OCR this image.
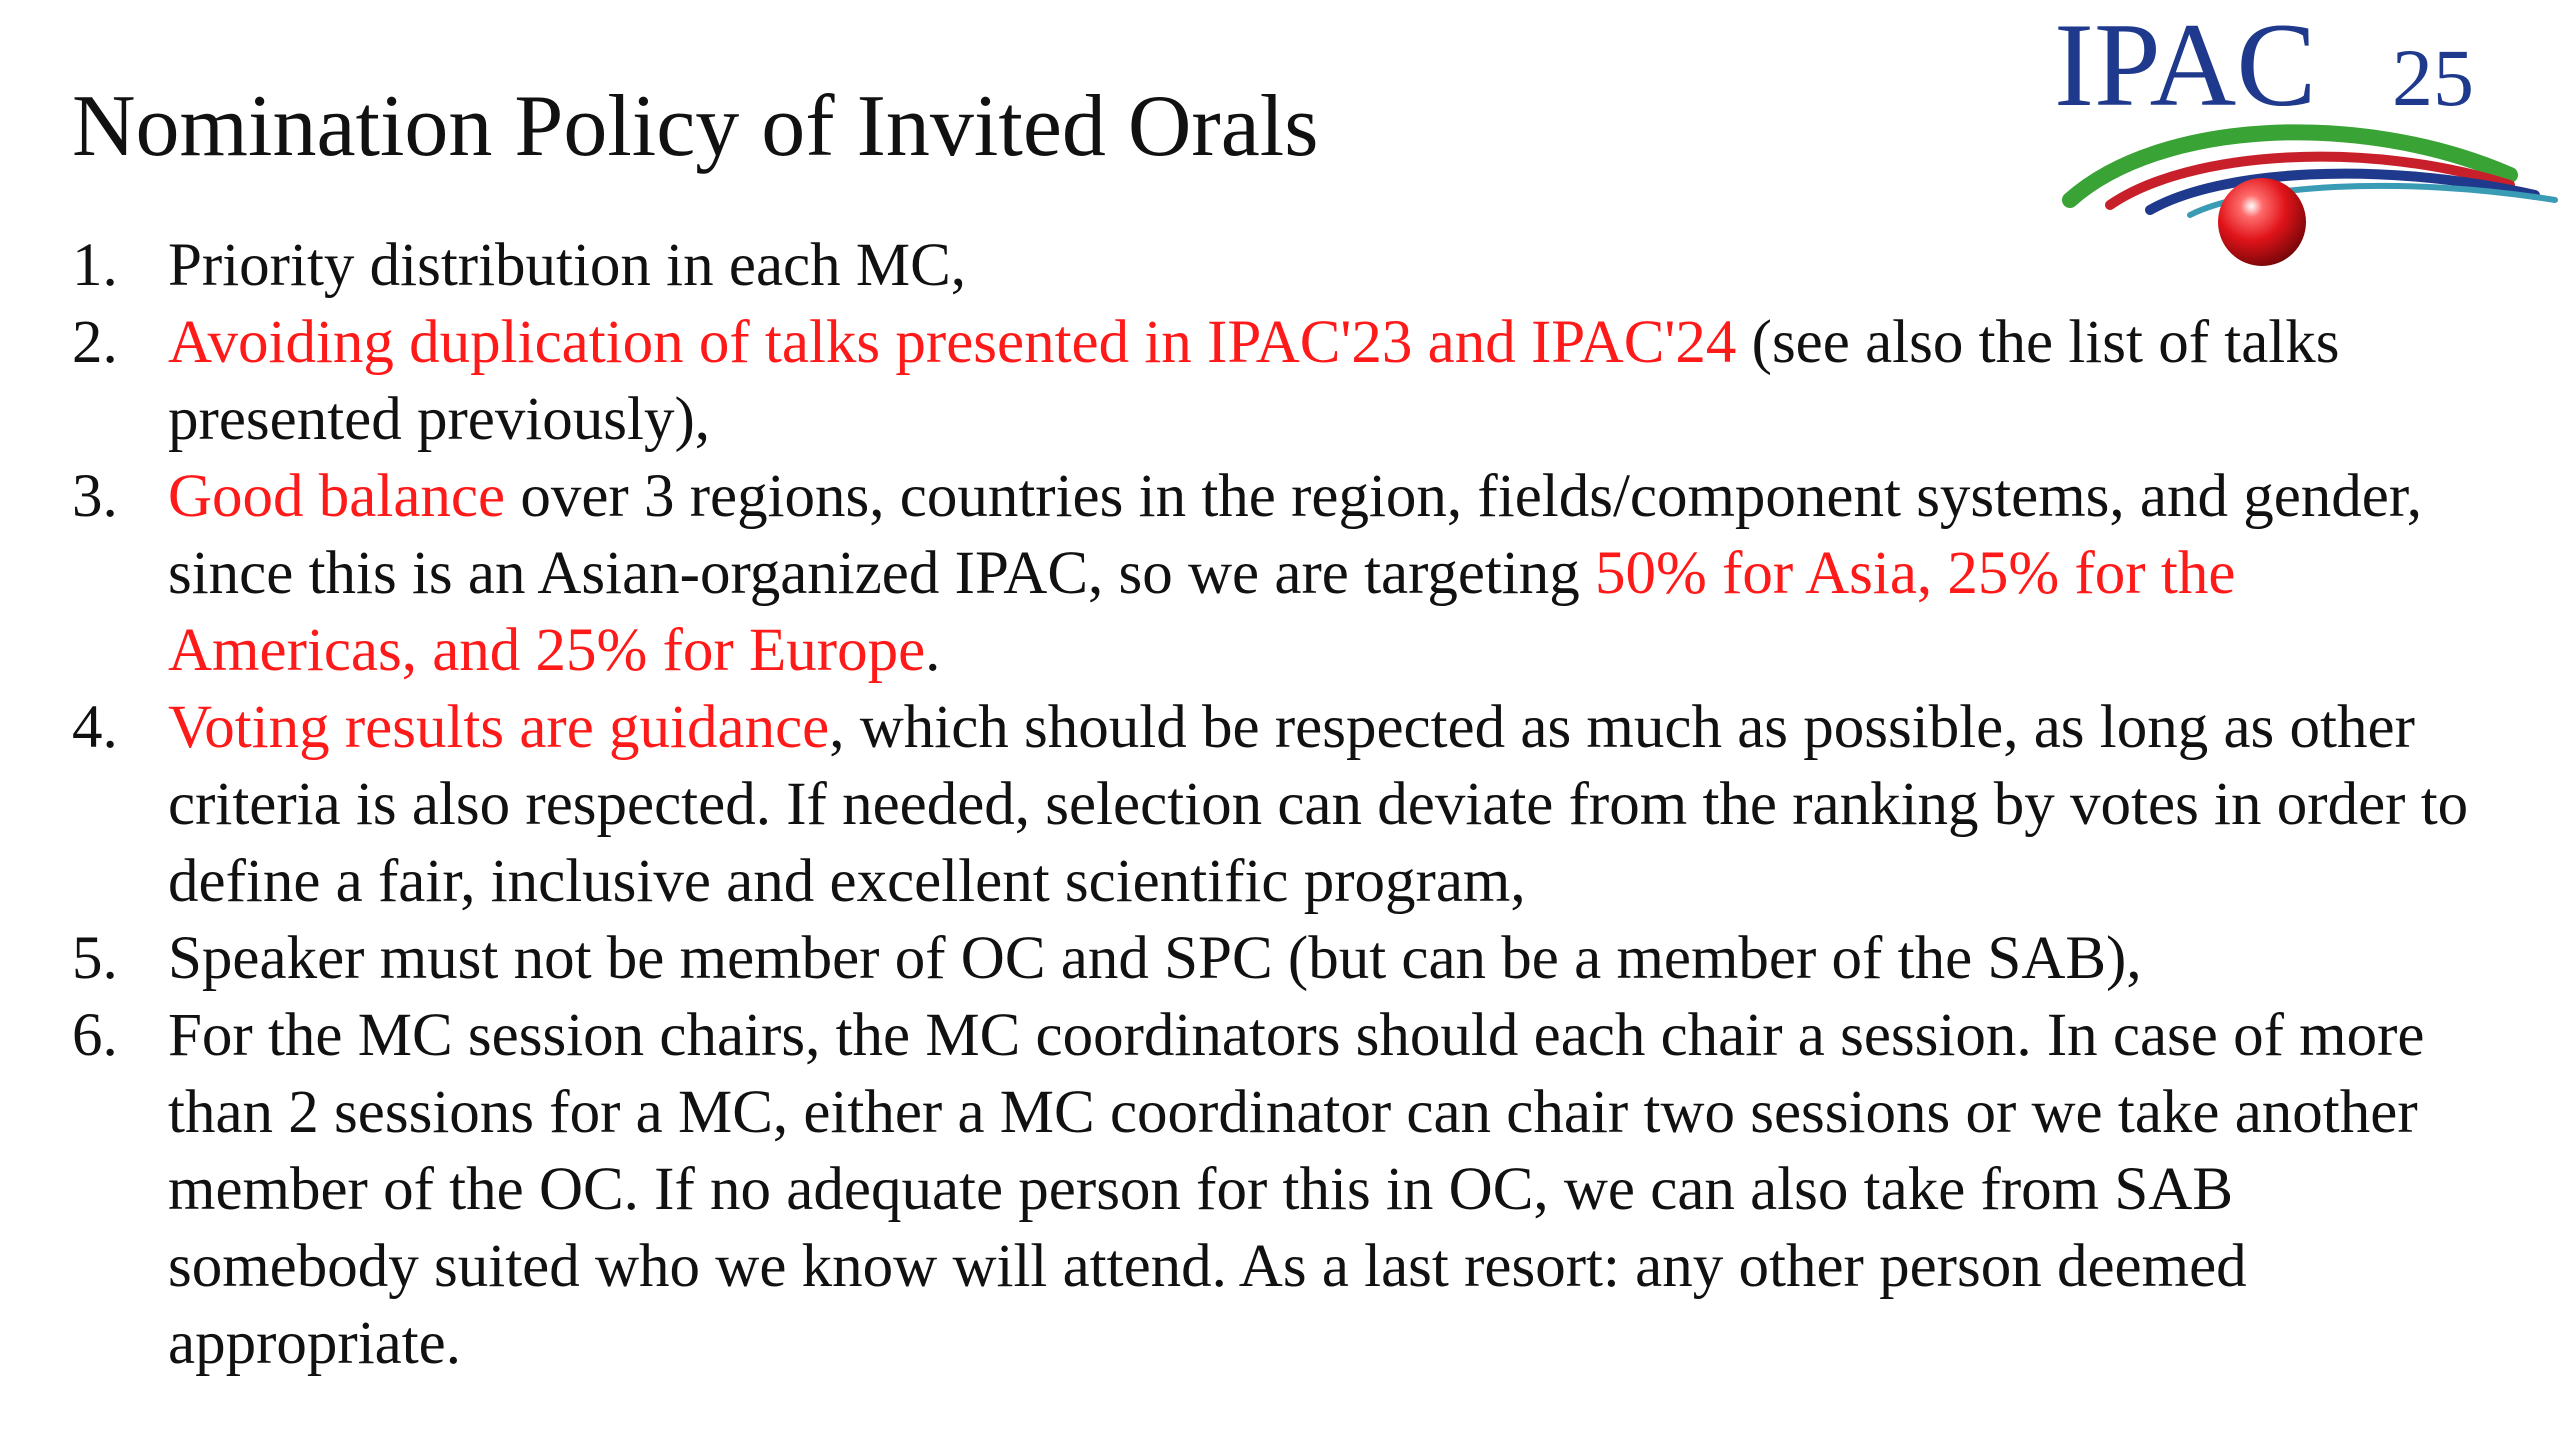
Nomination Policy of Invited Orals	IPAC 25
1. Priority distribution in each MC,
2. Avoiding duplication of talks presented in IPAC'23 and IPAC'24 (see also the list of talks presented previously),
3. Good balance over 3 regions, countries in the region, fields/component systems, and gender, since this is an Asian-organized IPAC, so we are targeting 50% for Asia, 25% for the Americas, and 25% for Europe.
4. Voting results are guidance, which should be respected as much as possible, as long as other criteria is also respected. If needed, selection can deviate from the ranking by votes in order to define a fair, inclusive and excellent scientific program,
5. Speaker must not be member of OC and SPC (but can be a member of the SAB),
6. For the MC session chairs, the MC coordinators should each chair a session. In case of more than 2 sessions for a MC, either a MC coordinator can chair two sessions or we take another member of the OC. If no adequate person for this in OC, we can also take from SAB somebody suited who we know will attend. As a last resort: any other person deemed appropriate.
